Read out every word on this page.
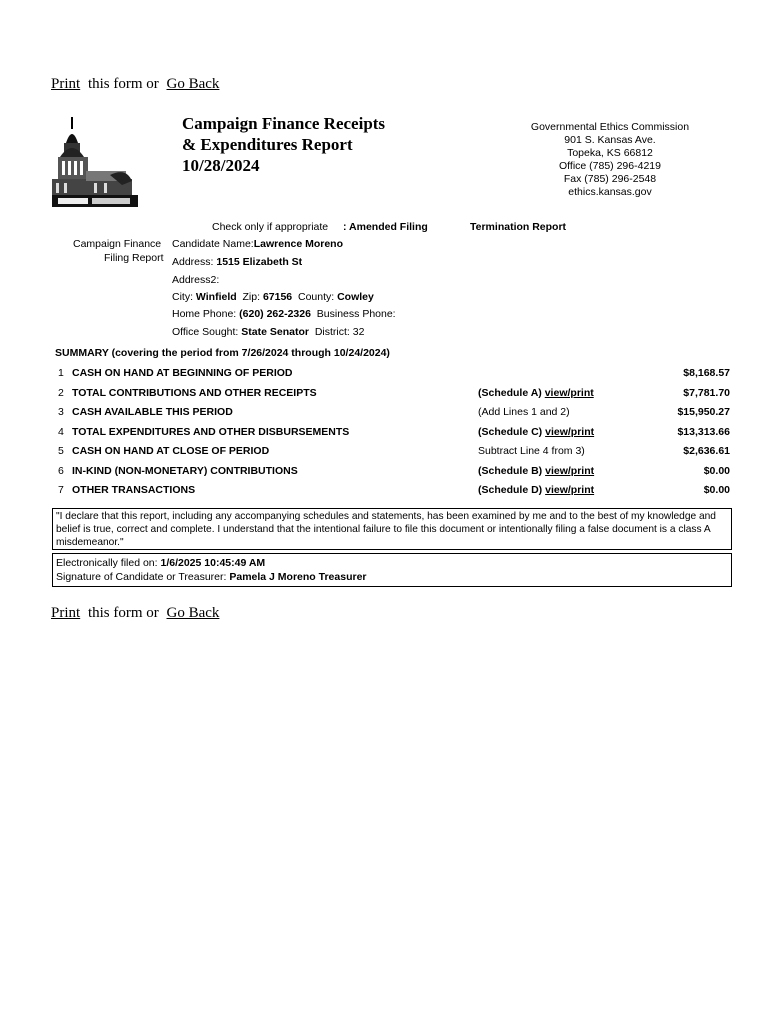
Print this form or Go Back
Campaign Finance Receipts
& Expenditures Report
10/28/2024
Governmental Ethics Commission
901 S. Kansas Ave.
Topeka, KS 66812
Office (785) 296-4219
Fax (785) 296-2548
ethics.kansas.gov
Check only if appropriate : Amended Filing	Termination Report
Campaign Finance
Filing Report
Candidate Name:Lawrence Moreno
Address: 1515 Elizabeth St
Address2:
City: Winfield Zip: 67156 County: Cowley
Home Phone: (620) 262-2326 Business Phone:
Office Sought: State Senator District: 32
SUMMARY (covering the period from 7/26/2024 through 10/24/2024)
1 CASH ON HAND AT BEGINNING OF PERIOD	$8,168.57
2 TOTAL CONTRIBUTIONS AND OTHER RECEIPTS	(Schedule A) view/print	$7,781.70
3 CASH AVAILABLE THIS PERIOD	(Add Lines 1 and 2)	$15,950.27
4 TOTAL EXPENDITURES AND OTHER DISBURSEMENTS	(Schedule C) view/print	$13,313.66
5 CASH ON HAND AT CLOSE OF PERIOD	Subtract Line 4 from 3)	$2,636.61
6 IN-KIND (NON-MONETARY) CONTRIBUTIONS	(Schedule B) view/print	$0.00
7 OTHER TRANSACTIONS	(Schedule D) view/print	$0.00
"I declare that this report, including any accompanying schedules and statements, has been examined by me and to the best of my knowledge and belief is true, correct and complete. I understand that the intentional failure to file this document or intentionally filing a false document is a class A misdemeanor."
Electronically filed on: 1/6/2025 10:45:49 AM
Signature of Candidate or Treasurer: Pamela J Moreno Treasurer
Print this form or Go Back
